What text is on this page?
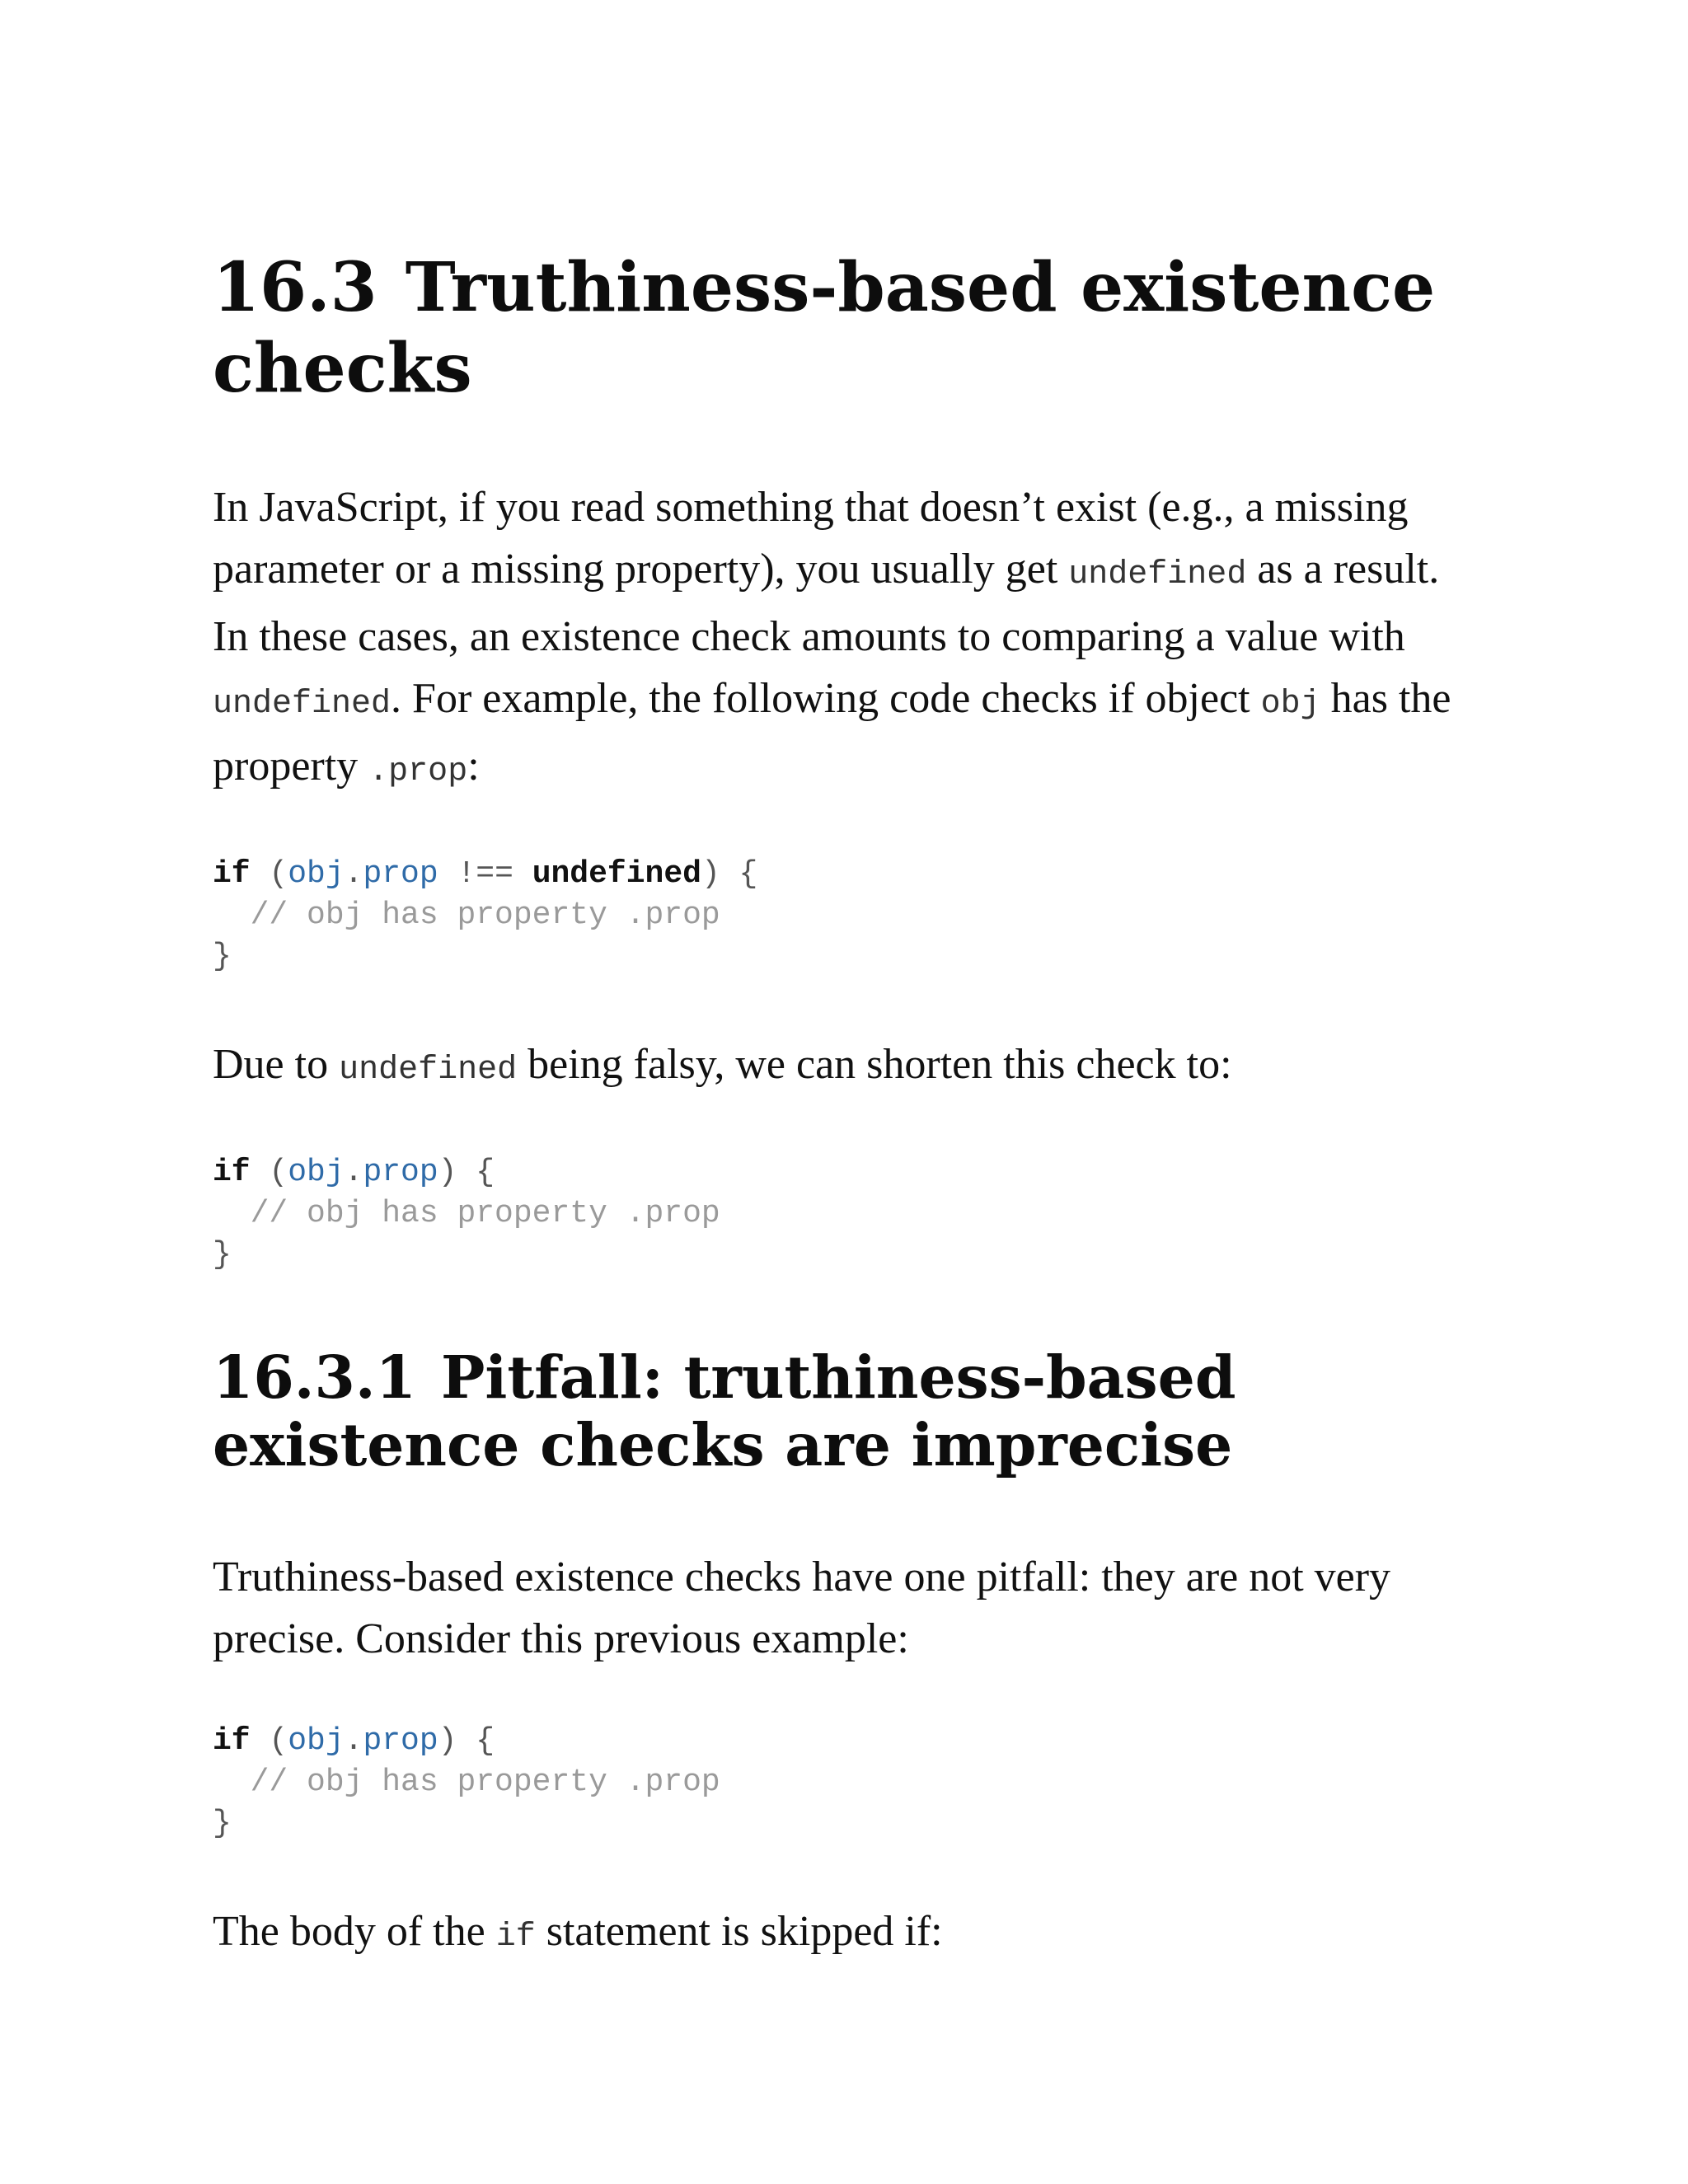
16.3 Truthiness-based existence checks

In JavaScript, if you read something that doesn’t exist (e.g., a missing parameter or a missing property), you usually get undefined as a result. In these cases, an existence check amounts to comparing a value with undefined. For example, the following code checks if object obj has the property .prop:

if (obj.prop !== undefined) {
// obj has property .prop
}

Due to undefined being falsy, we can shorten this check to:

if (obj.prop) {
// obj has property .prop
}
16.3.1 Pitfall: truthiness-based existence checks are imprecise

Truthiness-based existence checks have one pitfall: they are not very precise. Consider this previous example:

if (obj.prop) {
// obj has property .prop
}

The body of the if statement is skipped if:
